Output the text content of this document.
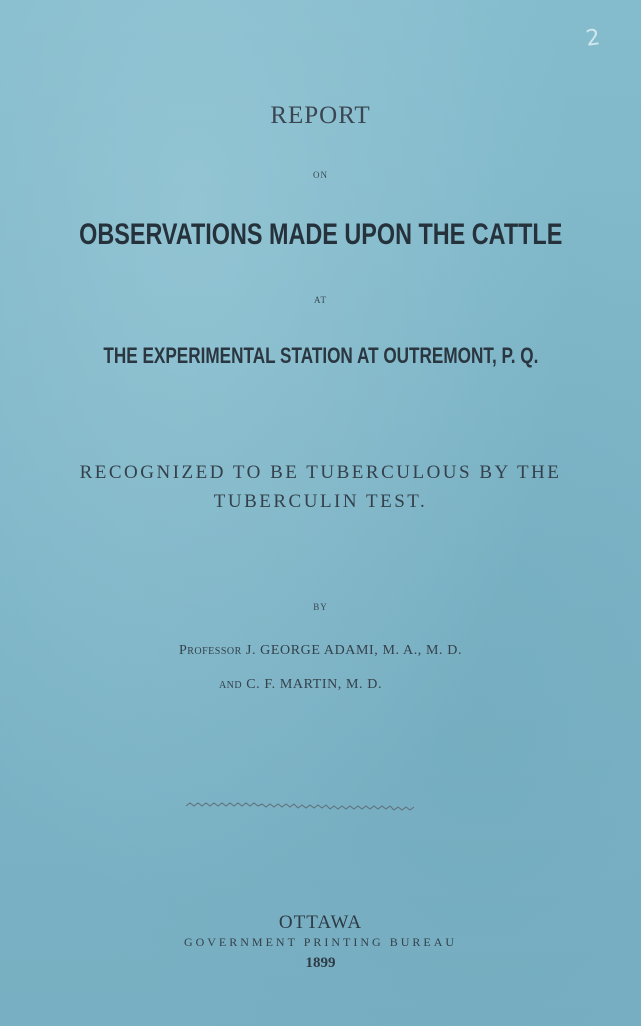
2
REPORT
ON
OBSERVATIONS MADE UPON THE CATTLE
AT
THE EXPERIMENTAL STATION AT OUTREMONT, P. Q.
RECOGNIZED TO BE TUBERCULOUS BY THE
TUBERCULIN TEST.
BY
Professor J. GEORGE ADAMI, M. A., M. D.
and C. F. MARTIN, M. D.
OTTAWA
GOVERNMENT PRINTING BUREAU
1899
